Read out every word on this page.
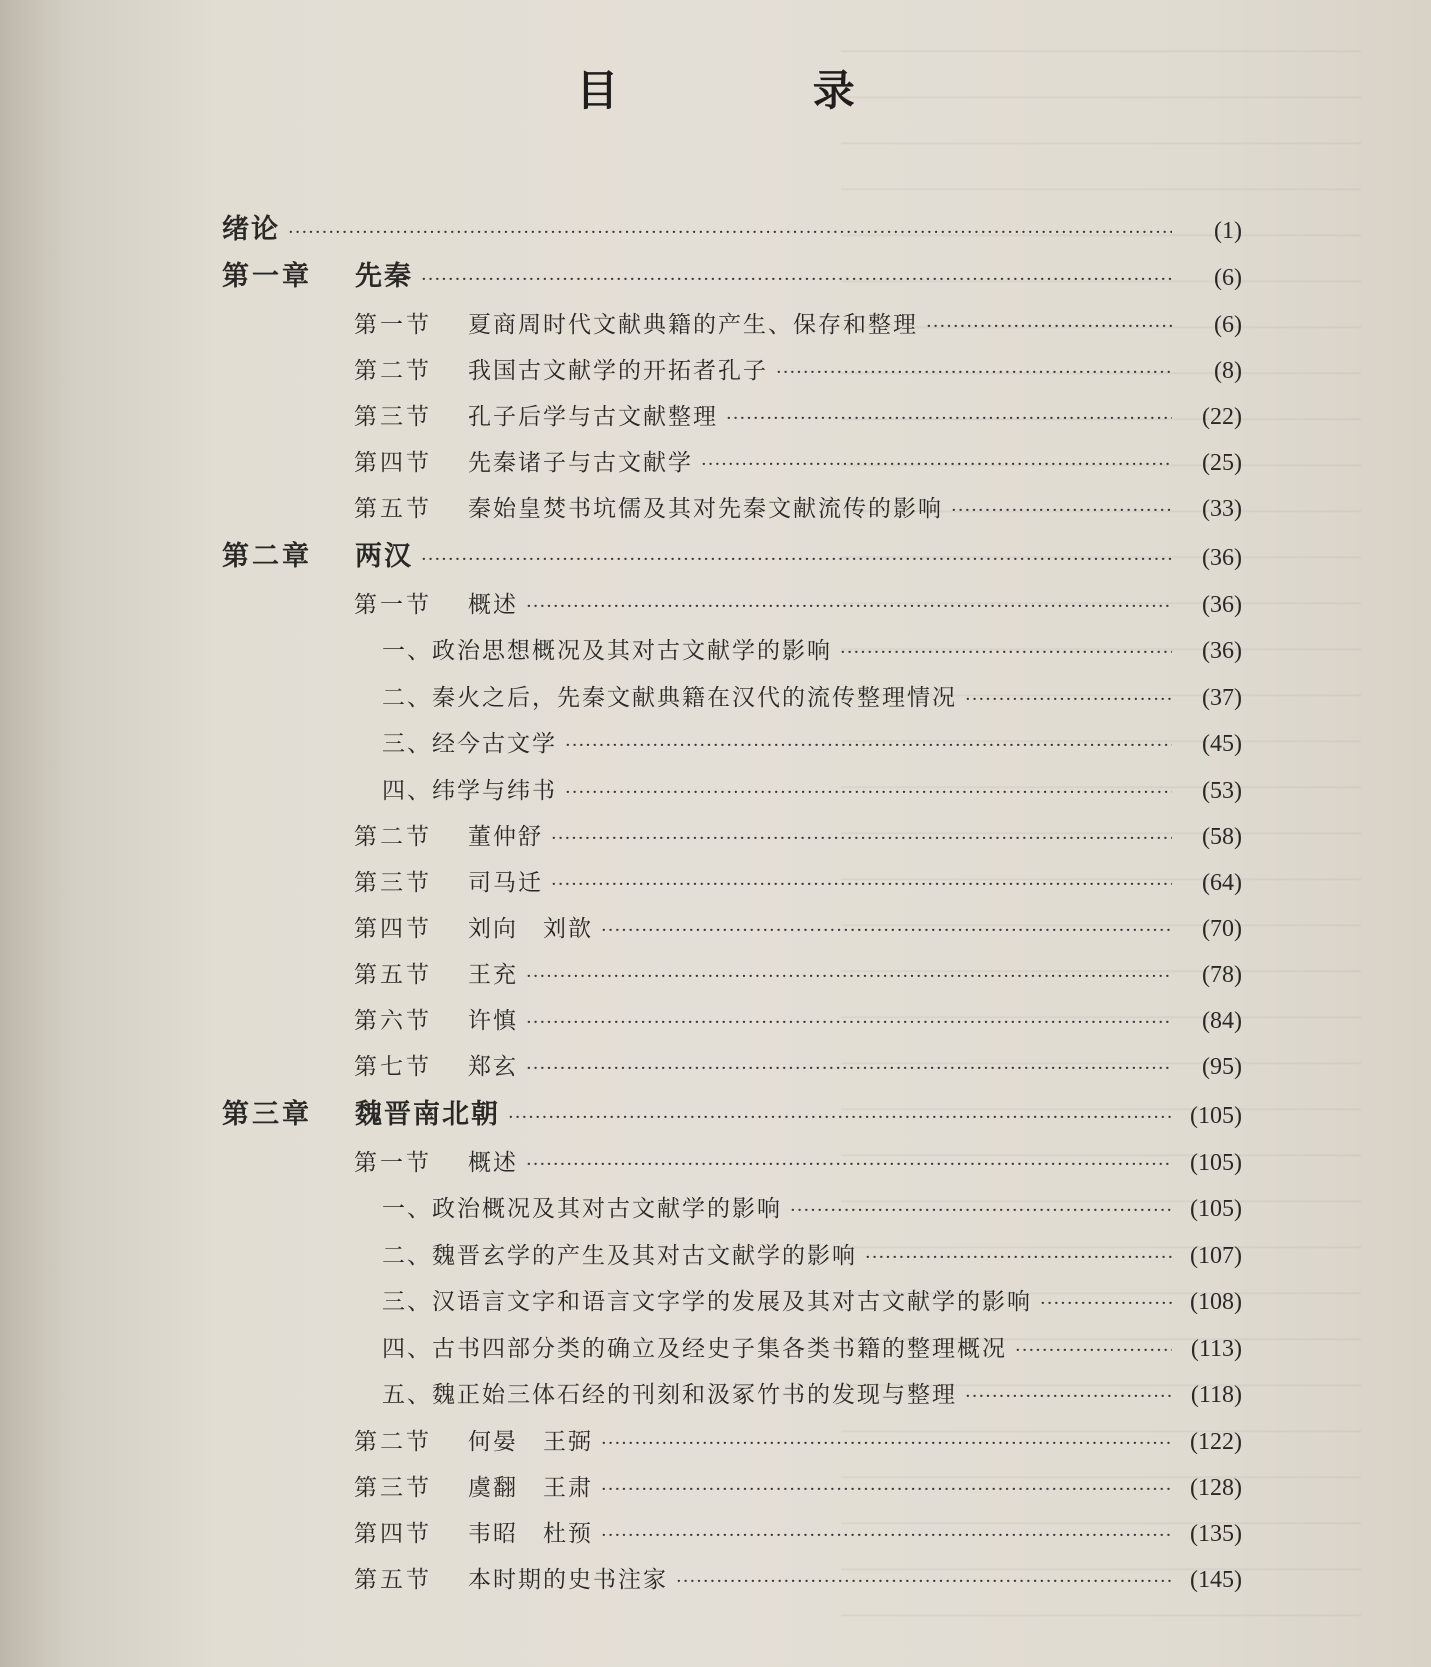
目 录
绪论 ·····	(1)
第一章	先秦 ·····	(6)
第一节	夏商周时代文献典籍的产生、保存和整理 ·····	(6)
第二节	我国古文献学的开拓者孔子 ·····	(8)
第三节	孔子后学与古文献整理 ·····	(22)
第四节	先秦诸子与古文献学 ·····	(25)
第五节	秦始皇焚书坑儒及其对先秦文献流传的影响 ·····	(33)
第二章	两汉 ·····	(36)
第一节	概述 ·····	(36)
一、政治思想概况及其对古文献学的影响 ·····	(36)
二、秦火之后，先秦文献典籍在汉代的流传整理情况 ·····	(37)
三、经今古文学 ·····	(45)
四、纬学与纬书 ·····	(53)
第二节	董仲舒 ·····	(58)
第三节	司马迁 ·····	(64)
第四节	刘向　刘歆 ·····	(70)
第五节	王充 ·····	(78)
第六节	许慎 ·····	(84)
第七节	郑玄 ·····	(95)
第三章	魏晋南北朝 ·····	(105)
第一节	概述 ·····	(105)
一、政治概况及其对古文献学的影响 ·····	(105)
二、魏晋玄学的产生及其对古文献学的影响 ·····	(107)
三、汉语言文字和语言文字学的发展及其对古文献学的影响 ·····	(108)
四、古书四部分类的确立及经史子集各类书籍的整理概况 ·····	(113)
五、魏正始三体石经的刊刻和汲冢竹书的发现与整理 ·····	(118)
第二节	何晏　王弼 ·····	(122)
第三节	虞翻　王肃 ·····	(128)
第四节	韦昭　杜预 ·····	(135)
第五节	本时期的史书注家 ·····	(145)
